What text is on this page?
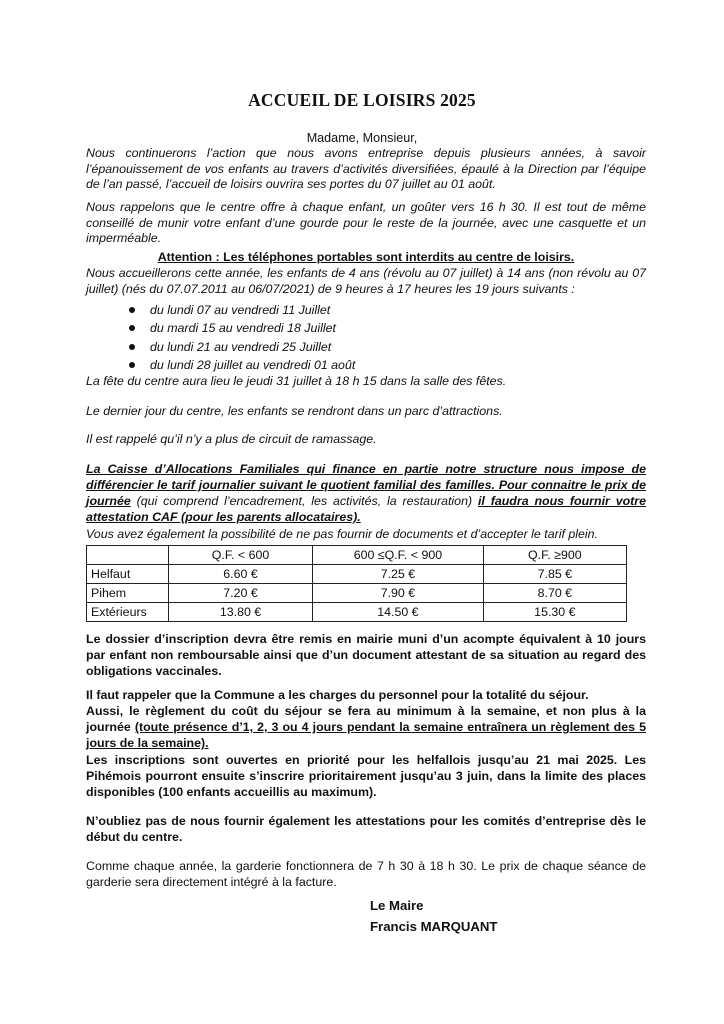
ACCUEIL DE LOISIRS 2025
Madame, Monsieur,
Nous continuerons l’action que nous avons entreprise depuis plusieurs années, à savoir l’épanouissement de vos enfants au travers d’activités diversifiées, épaulé à la Direction par l’équipe de l’an passé, l’accueil de loisirs ouvrira ses portes du 07 juillet au 01 août.
Nous rappelons que le centre offre à chaque enfant, un goûter vers 16 h 30. Il est tout de même conseillé de munir votre enfant d’une gourde pour le reste de la journée, avec une casquette et un imperméable.
Attention : Les téléphones portables sont interdits au centre de loisirs.
Nous accueillerons cette année, les enfants de 4 ans (révolu au 07 juillet) à 14 ans (non révolu au 07 juillet) (nés du 07.07.2011 au 06/07/2021) de 9 heures à 17 heures les 19 jours suivants :
du lundi 07 au vendredi 11 Juillet
du mardi 15 au vendredi 18 Juillet
du lundi 21 au vendredi 25 Juillet
du lundi 28 juillet au vendredi 01 août
La fête du centre aura lieu le jeudi 31 juillet à 18 h 15 dans la salle des fêtes.
Le dernier jour du centre, les enfants se rendront dans un parc d’attractions.
Il est rappelé qu’il n’y a plus de circuit de ramassage.
La Caisse d’Allocations Familiales qui finance en partie notre structure nous impose de différencier le tarif journalier suivant le quotient familial des familles. Pour connaitre le prix de journée (qui comprend l’encadrement, les activités, la restauration) il faudra nous fournir votre attestation CAF (pour les parents allocataires).
Vous avez également la possibilité de ne pas fournir de documents et d’accepter le tarif plein.
	Q.F. < 600	600 ≤Q.F. < 900	Q.F. ≥900
Helfaut	6.60 €	7.25 €	7.85 €
Pihem	7.20 €	7.90 €	8.70 €
Extérieurs	13.80 €	14.50 €	15.30 €
Le dossier d’inscription devra être remis en mairie muni d’un acompte équivalent à 10 jours par enfant non remboursable ainsi que d’un document attestant de sa situation au regard des obligations vaccinales.
Il faut rappeler que la Commune a les charges du personnel pour la totalité du séjour.
Aussi, le règlement du coût du séjour se fera au minimum à la semaine, et non plus à la journée (toute présence d’1, 2, 3 ou 4 jours pendant la semaine entraînera un règlement des 5 jours de la semaine).
Les inscriptions sont ouvertes en priorité pour les helfallois jusqu’au 21 mai 2025. Les Pihémois pourront ensuite s’inscrire prioritairement jusqu’au 3 juin, dans la limite des places disponibles (100 enfants accueillis au maximum).
N’oubliez pas de nous fournir également les attestations pour les comités d’entreprise dès le début du centre.
Comme chaque année, la garderie fonctionnera de 7 h 30 à 18 h 30. Le prix de chaque séance de garderie sera directement intégré à la facture.
Le Maire
Francis MARQUANT
